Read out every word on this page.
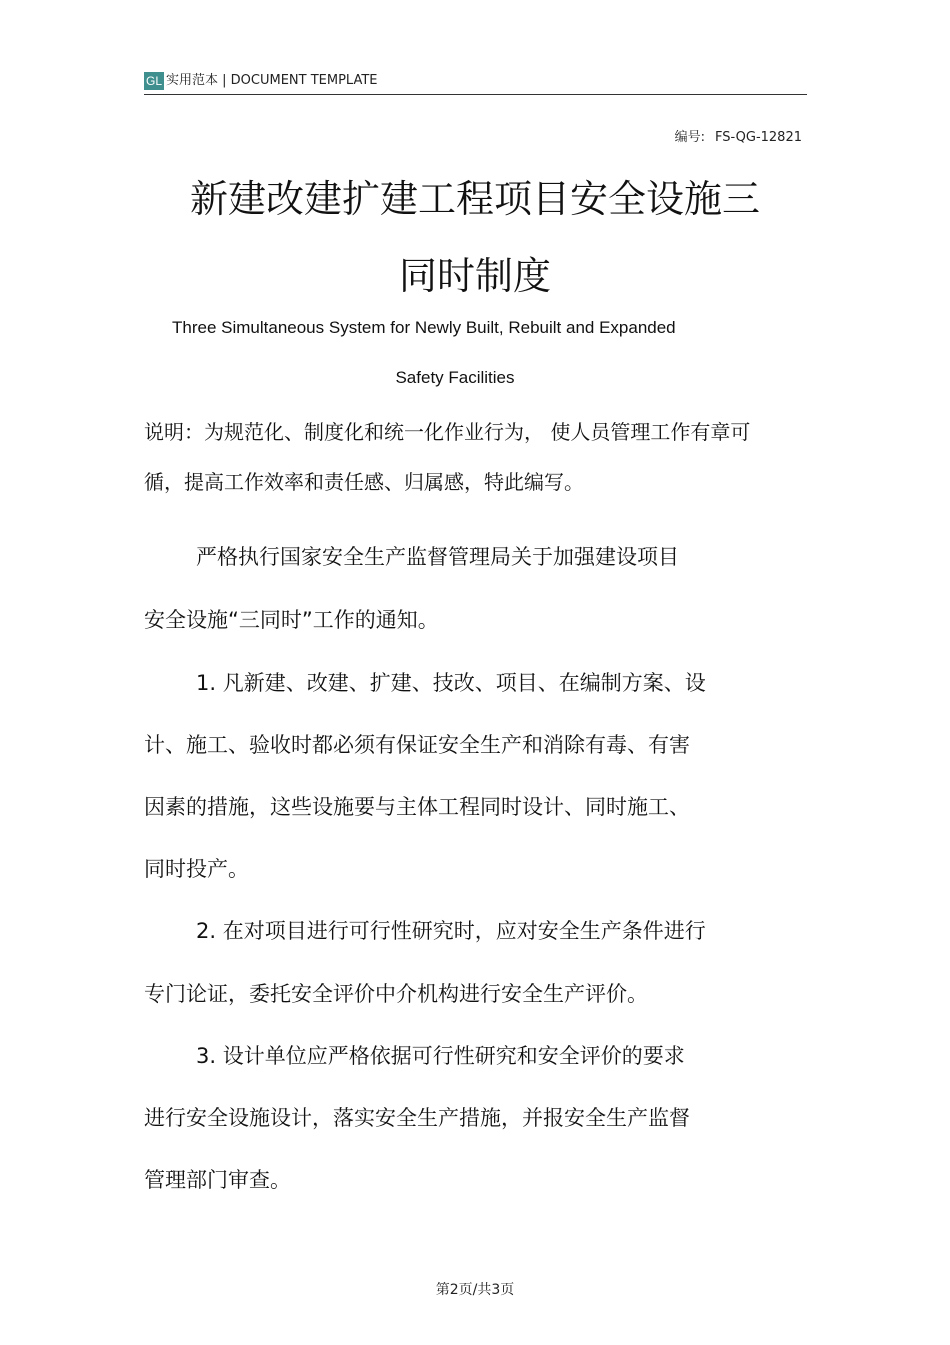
GL 实用范本 | DOCUMENT TEMPLATE
编号: FS-QG-12821
新建改建扩建工程项目安全设施三
同时制度
Three Simultaneous System for Newly Built, Rebuilt and Expanded
Safety Facilities
说明：为规范化、制度化和统一化作业行为， 使人员管理工作有章可
循，提高工作效率和责任感、归属感，特此编写。
严格执行国家安全生产监督管理局关于加强建设项目
安全设施“三同时”工作的通知。
1. 凡新建、改建、扩建、技改、项目、在编制方案、设
计、施工、验收时都必须有保证安全生产和消除有毒、有害
因素的措施，这些设施要与主体工程同时设计、同时施工、
同时投产。
2. 在对项目进行可行性研究时，应对安全生产条件进行
专门论证，委托安全评价中介机构进行安全生产评价。
3. 设计单位应严格依据可行性研究和安全评价的要求
进行安全设施设计，落实安全生产措施，并报安全生产监督
管理部门审查。
第2页/共3页
